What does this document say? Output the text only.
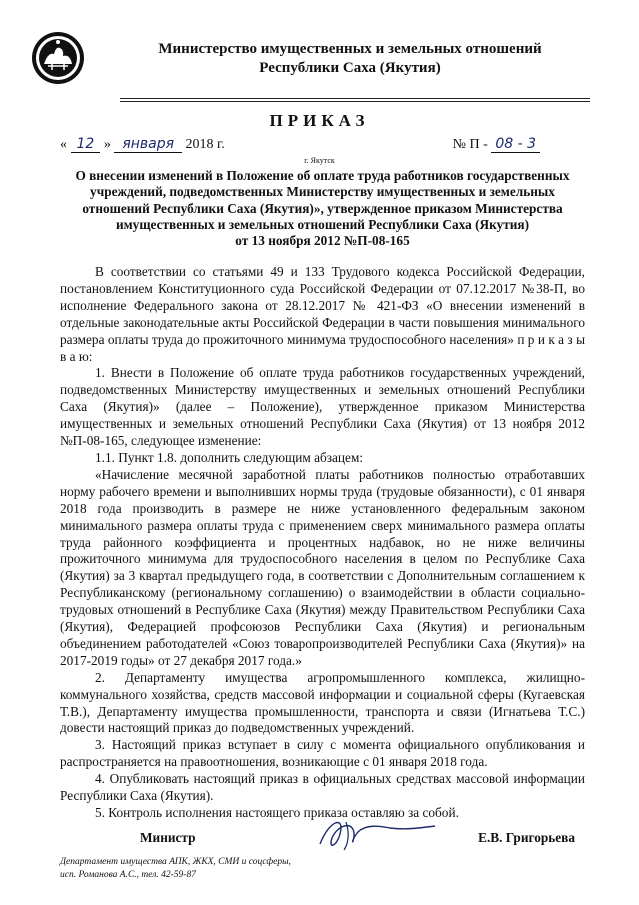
Министерство имущественных и земельных отношений
Республики Саха (Якутия)
ПРИКАЗ
« 12 » января 2018 г.	№ П - 08 - 3
г. Якутск
О внесении изменений в Положение об оплате труда работников государственных
учреждений, подведомственных Министерству имущественных и земельных
отношений Республики Саха (Якутия)», утвержденное приказом Министерства
имущественных и земельных отношений Республики Саха (Якутия)
от 13 ноября 2012 №П-08-165

В соответствии со статьями 49 и 133 Трудового кодекса Российской Федерации, постановлением Конституционного суда Российской Федерации от 07.12.2017 №38-П, во исполнение Федерального закона от 28.12.2017 № 421-ФЗ «О внесении изменений в отдельные законодательные акты Российской Федерации в части повышения минимального размера оплаты труда до прожиточного минимума трудоспособного населения» п р и к а з ы в а ю:

1. Внести в Положение об оплате труда работников государственных учреждений, подведомственных Министерству имущественных и земельных отношений Республики Саха (Якутия)» (далее – Положение), утвержденное приказом Министерства имущественных и земельных отношений Республики Саха (Якутия) от 13 ноября 2012 №П-08-165, следующее изменение:

1.1. Пункт 1.8. дополнить следующим абзацем:

«Начисление месячной заработной платы работников полностью отработавших норму рабочего времени и выполнивших нормы труда (трудовые обязанности), с 01 января 2018 года производить в размере не ниже установленного федеральным законом минимального размера оплаты труда с применением сверх минимального размера оплаты труда районного коэффициента и процентных надбавок, но не ниже величины прожиточного минимума для трудоспособного населения в целом по Республике Саха (Якутия) за 3 квартал предыдущего года, в соответствии с Дополнительным соглашением к Республиканскому (региональному соглашению) о взаимодействии в области социально-трудовых отношений в Республике Саха (Якутия) между Правительством Республики Саха (Якутия), Федерацией профсоюзов Республики Саха (Якутия) и региональным объединением работодателей «Союз товаропроизводителей Республики Саха (Якутия)» на 2017-2019 годы» от 27 декабря 2017 года.»

2. Департаменту имущества агропромышленного комплекса, жилищно-коммунального хозяйства, средств массовой информации и социальной сферы (Кугаевская Т.В.), Департаменту имущества промышленности, транспорта и связи (Игнатьева Т.С.) довести настоящий приказ до подведомственных учреждений.

3. Настоящий приказ вступает в силу с момента официального опубликования и распространяется на правоотношения, возникающие с 01 января 2018 года.

4. Опубликовать настоящий приказ в официальных средствах массовой информации Республики Саха (Якутия).

5. Контроль исполнения настоящего приказа оставляю за собой.

Министр	Е.В. Григорьева
Департамент имущества АПК, ЖКХ, СМИ и соцсферы,
исп. Романова А.С., тел. 42-59-87
